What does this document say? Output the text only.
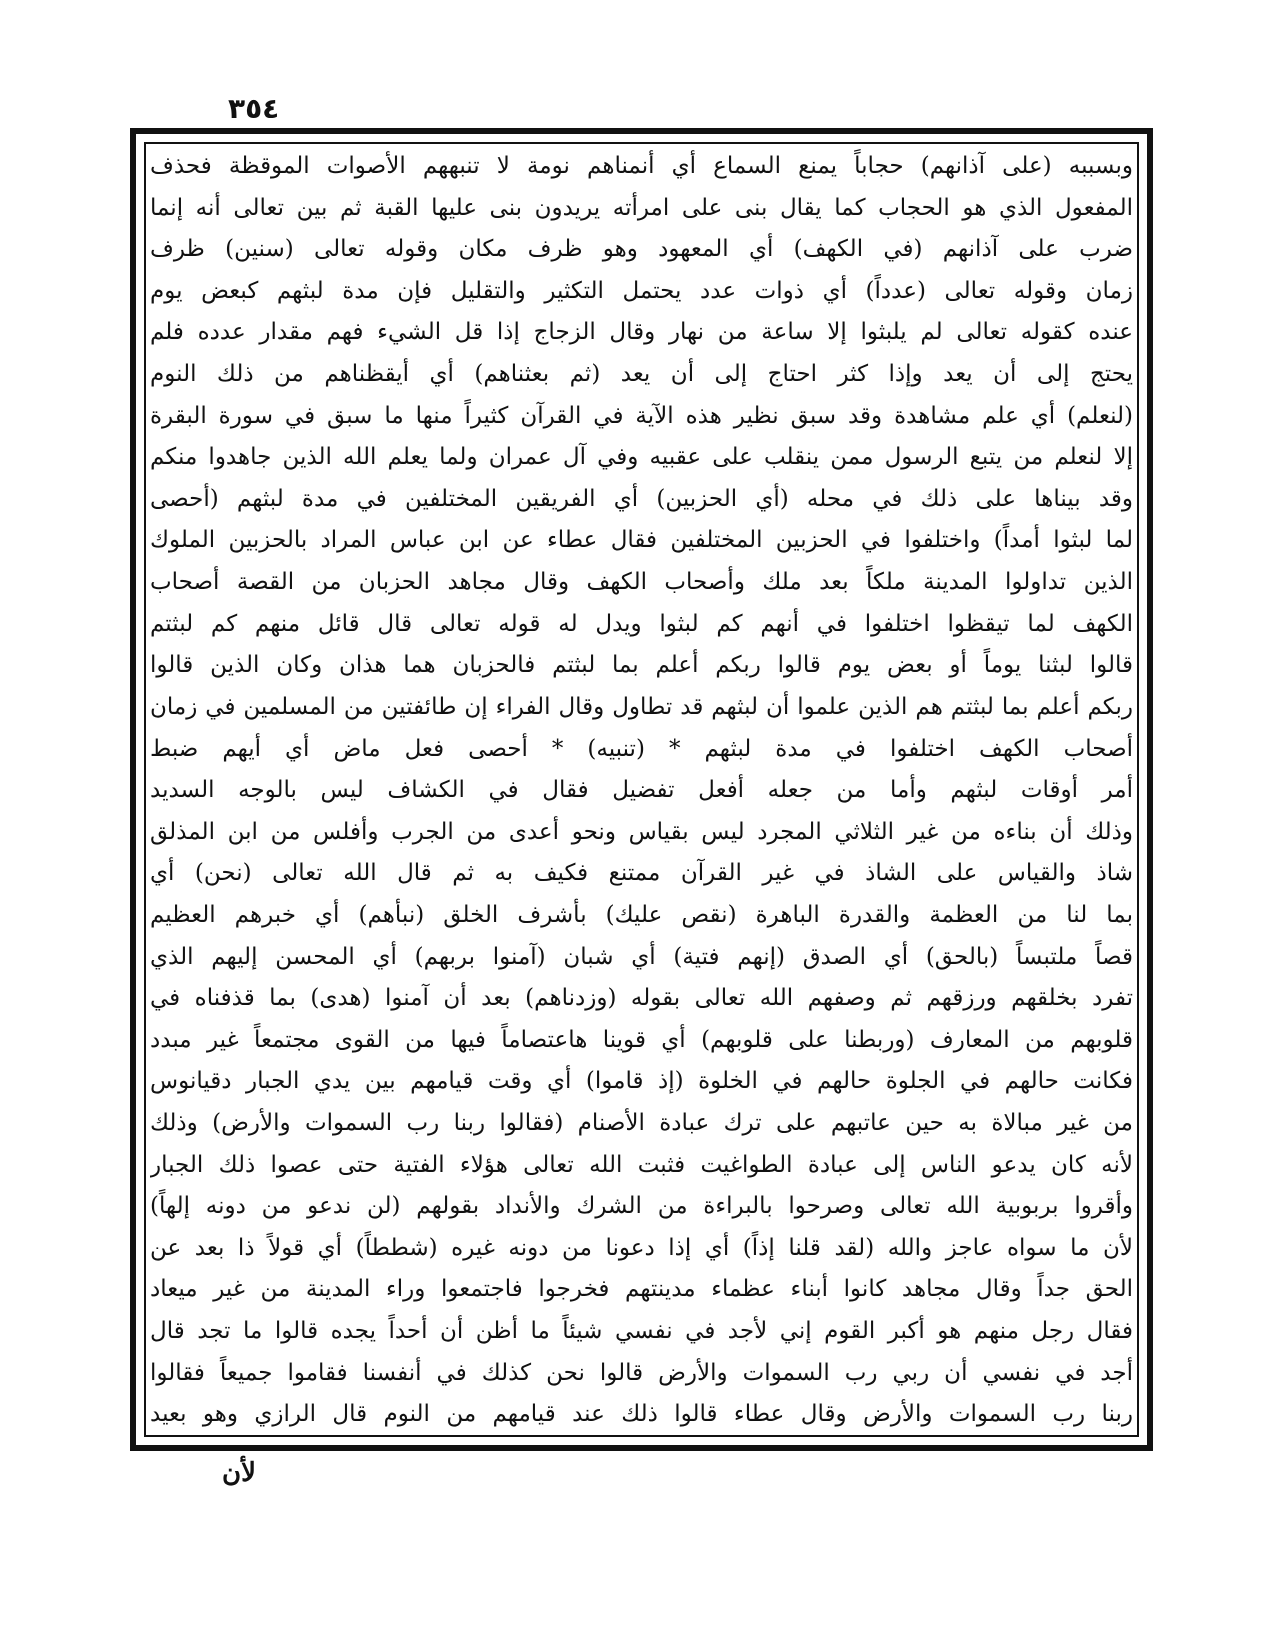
٣٥٤
وبسببه (على آذانهم) حجاباً يمنع السماع أي أنمناهم نومة لا تنبههم الأصوات الموقظة فحذف
المفعول الذي هو الحجاب كما يقال بنى على امرأته يريدون بنى عليها القبة ثم بين تعالى أنه إنما
ضرب على آذانهم (في الكهف) أي المعهود وهو ظرف مكان وقوله تعالى (سنين) ظرف
زمان وقوله تعالى (عدداً) أي ذوات عدد يحتمل التكثير والتقليل فإن مدة لبثهم كبعض يوم
عنده كقوله تعالى لم يلبثوا إلا ساعة من نهار وقال الزجاج إذا قل الشيء فهم مقدار عدده فلم
يحتج إلى أن يعد وإذا كثر احتاج إلى أن يعد (ثم بعثناهم) أي أيقظناهم من ذلك النوم
(لنعلم) أي علم مشاهدة وقد سبق نظير هذه الآية في القرآن كثيراً منها ما سبق في سورة البقرة
إلا لنعلم من يتبع الرسول ممن ينقلب على عقبيه وفي آل عمران ولما يعلم الله الذين جاهدوا منكم
وقد بيناها على ذلك في محله (أي الحزبين) أي الفريقين المختلفين في مدة لبثهم (أحصى
لما لبثوا أمداً) واختلفوا في الحزبين المختلفين فقال عطاء عن ابن عباس المراد بالحزبين الملوك
الذين تداولوا المدينة ملكاً بعد ملك وأصحاب الكهف وقال مجاهد الحزبان من القصة أصحاب
الكهف لما تيقظوا اختلفوا في أنهم كم لبثوا ويدل له قوله تعالى قال قائل منهم كم لبثتم
قالوا لبثنا يوماً أو بعض يوم قالوا ربكم أعلم بما لبثتم فالحزبان هما هذان وكان الذين قالوا
ربكم أعلم بما لبثتم هم الذين علموا أن لبثهم قد تطاول وقال الفراء إن طائفتين من المسلمين في زمان
أصحاب الكهف اختلفوا في مدة لبثهم * (تنبيه) * أحصى فعل ماض أي أيهم ضبط
أمر أوقات لبثهم وأما من جعله أفعل تفضيل فقال في الكشاف ليس بالوجه السديد
وذلك أن بناءه من غير الثلاثي المجرد ليس بقياس ونحو أعدى من الجرب وأفلس من ابن المذلق
شاذ والقياس على الشاذ في غير القرآن ممتنع فكيف به ثم قال الله تعالى (نحن) أي
بما لنا من العظمة والقدرة الباهرة (نقص عليك) بأشرف الخلق (نبأهم) أي خبرهم العظيم
قصاً ملتبساً (بالحق) أي الصدق (إنهم فتية) أي شبان (آمنوا بربهم) أي المحسن إليهم الذي
تفرد بخلقهم ورزقهم ثم وصفهم الله تعالى بقوله (وزدناهم) بعد أن آمنوا (هدى) بما قذفناه في
قلوبهم من المعارف (وربطنا على قلوبهم) أي قوينا هاعتصاماً فيها من القوى مجتمعاً غير مبدد
فكانت حالهم في الجلوة حالهم في الخلوة (إذ قاموا) أي وقت قيامهم بين يدي الجبار دقيانوس
من غير مبالاة به حين عاتبهم على ترك عبادة الأصنام (فقالوا ربنا رب السموات والأرض) وذلك
لأنه كان يدعو الناس إلى عبادة الطواغيت فثبت الله تعالى هؤلاء الفتية حتى عصوا ذلك الجبار
وأقروا بربوبية الله تعالى وصرحوا بالبراءة من الشرك والأنداد بقولهم (لن ندعو من دونه إلهاً)
لأن ما سواه عاجز والله (لقد قلنا إذاً) أي إذا دعونا من دونه غيره (شططاً) أي قولاً ذا بعد عن
الحق جداً وقال مجاهد كانوا أبناء عظماء مدينتهم فخرجوا فاجتمعوا وراء المدينة من غير ميعاد
فقال رجل منهم هو أكبر القوم إني لأجد في نفسي شيئاً ما أظن أن أحداً يجده قالوا ما تجد قال
أجد في نفسي أن ربي رب السموات والأرض قالوا نحن كذلك في أنفسنا فقاموا جميعاً فقالوا
ربنا رب السموات والأرض وقال عطاء قالوا ذلك عند قيامهم من النوم قال الرازي وهو بعيد
لأن
